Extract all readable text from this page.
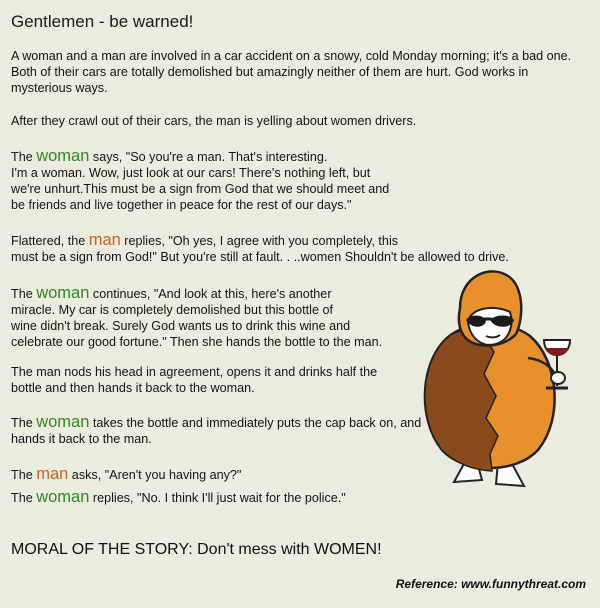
Gentlemen - be warned!
A woman and a man are involved in a car accident on a snowy, cold Monday morning; it's a bad one.
Both of their cars are totally demolished but amazingly neither of them are hurt. God works in
mysterious ways.
After they crawl out of their cars, the man is yelling about women drivers.
The woman says, "So you're a man. That's interesting.
I'm a woman. Wow, just look at our cars! There's nothing left, but
we're unhurt.This must be a sign from God that we should meet and
be friends and live together in peace for the rest of our days."
Flattered, the man replies, "Oh yes, I agree with you completely, this
must be a sign from God!" But you're still at fault. . ..women Shouldn't be allowed to drive.
The woman continues, "And look at this, here's another
miracle. My car is completely demolished but this bottle of
wine didn't break. Surely God wants us to drink this wine and
celebrate our good fortune." Then she hands the bottle to the man.
The man nods his head in agreement, opens it and drinks half the
bottle and then hands it back to the woman.
The woman takes the bottle and immediately puts the cap back on, and
hands it back to the man.
The man asks, "Aren't you having any?"
The woman replies, "No. I think I'll just wait for the police."
MORAL OF THE STORY: Don't mess with WOMEN!
Reference: www.funnythreat.com
